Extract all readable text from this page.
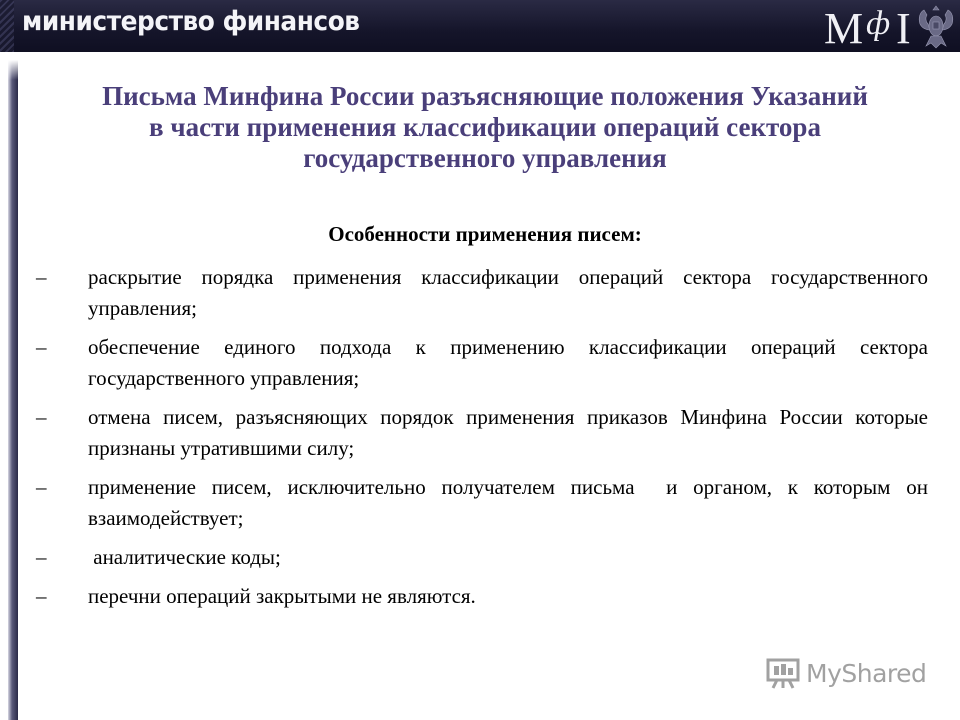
министерство финансов	M ф I
Письма Минфина России разъясняющие положения Указаний
в части применения классификации операций сектора
государственного управления
Особенности применения писем:
–	раскрытие порядка применения классификации операций сектора государственного управления;
–	обеспечение единого подхода к применению классификации операций сектора государственного управления;
–	отмена писем, разъясняющих порядок применения приказов Минфина России которые признаны утратившими силу;
–	применение писем, исключительно получателем письма  и органом, к которым он взаимодействует;
–	аналитические коды;
–	перечни операций закрытыми не являются.
MyShared
